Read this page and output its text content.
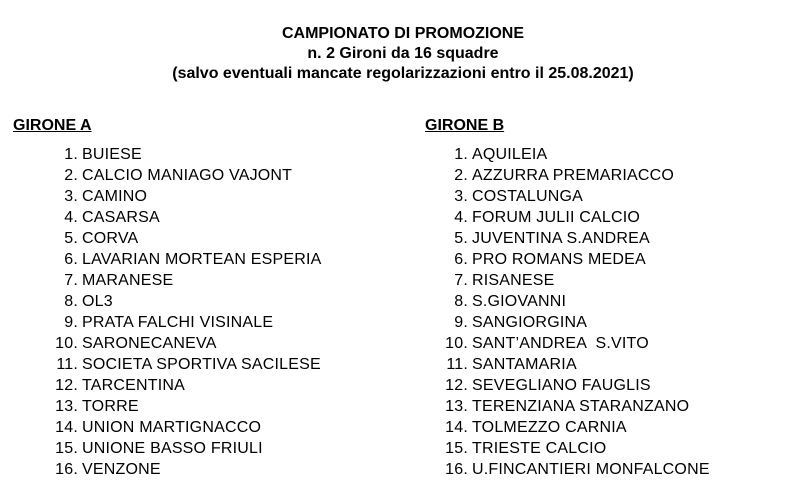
CAMPIONATO DI PROMOZIONE
n. 2 Gironi da 16 squadre
(salvo eventuali mancate regolarizzazioni entro il 25.08.2021)
GIRONE A
1. BUIESE
2. CALCIO MANIAGO VAJONT
3. CAMINO
4. CASARSA
5. CORVA
6. LAVARIAN MORTEAN ESPERIA
7. MARANESE
8. OL3
9. PRATA FALCHI VISINALE
10. SARONECANEVA
11. SOCIETA SPORTIVA SACILESE
12. TARCENTINA
13. TORRE
14. UNION MARTIGNACCO
15. UNIONE BASSO FRIULI
16. VENZONE
GIRONE B
1. AQUILEIA
2. AZZURRA PREMARIACCO
3. COSTALUNGA
4. FORUM JULII CALCIO
5. JUVENTINA S.ANDREA
6. PRO ROMANS MEDEA
7. RISANESE
8. S.GIOVANNI
9. SANGIORGINA
10. SANT’ANDREA  S.VITO
11. SANTAMARIA
12. SEVEGLIANO FAUGLIS
13. TERENZIANA STARANZANO
14. TOLMEZZO CARNIA
15. TRIESTE CALCIO
16. U.FINCANTIERI MONFALCONE
